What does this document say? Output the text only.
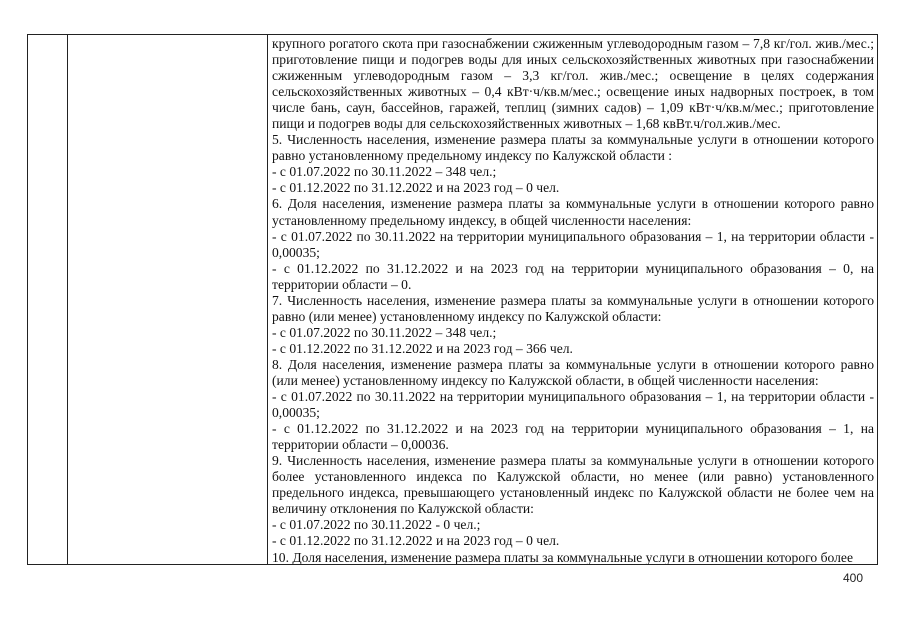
крупного рогатого скота при газоснабжении сжиженным углеводородным газом – 7,8 кг/гол. жив./мес.; приготовление пищи и подогрев воды для иных сельскохозяйственных животных при газоснабжении сжиженным углеводородным газом – 3,3 кг/гол. жив./мес.; освещение в целях содержания сельскохозяйственных животных – 0,4 кВт·ч/кв.м/мес.; освещение иных надворных построек, в том числе бань, саун, бассейнов, гаражей, теплиц (зимних садов) – 1,09 кВт·ч/кв.м/мес.; приготовление пищи и подогрев воды для сельскохозяйственных животных – 1,68 квВт.ч/гол.жив./мес.

5. Численность населения, изменение размера платы за коммунальные услуги в отношении которого равно установленному предельному индексу по Калужской области :

- с 01.07.2022 по 30.11.2022 – 348 чел.;

- с 01.12.2022 по 31.12.2022 и на 2023 год – 0 чел.

6. Доля населения, изменение размера платы за коммунальные услуги в отношении которого равно установленному предельному индексу, в общей численности населения:

- с 01.07.2022 по 30.11.2022 на территории муниципального образования – 1, на территории области - 0,00035;

- с 01.12.2022 по 31.12.2022 и на 2023 год на территории муниципального образования – 0, на территории области – 0.

7. Численность населения, изменение размера платы за коммунальные услуги в отношении которого равно (или менее) установленному индексу по Калужской области:

- с 01.07.2022 по 30.11.2022 – 348 чел.;

- с 01.12.2022 по 31.12.2022 и на 2023 год – 366 чел.

8. Доля населения, изменение размера платы за коммунальные услуги в отношении которого равно (или менее) установленному индексу по Калужской области, в общей численности населения:

- с 01.07.2022 по 30.11.2022 на территории муниципального образования – 1, на территории области - 0,00035;

- с 01.12.2022 по 31.12.2022 и на 2023 год на территории муниципального образования – 1, на территории области – 0,00036.

9. Численность населения, изменение размера платы за коммунальные услуги в отношении которого более установленного индекса по Калужской области, но менее (или равно) установленного предельного индекса, превышающего установленный индекс по Калужской области не более чем на величину отклонения по Калужской области:

- с 01.07.2022 по 30.11.2022 - 0 чел.;

- с 01.12.2022 по 31.12.2022 и на 2023 год – 0 чел.

10. Доля населения, изменение размера платы за коммунальные услуги в отношении которого более

400
